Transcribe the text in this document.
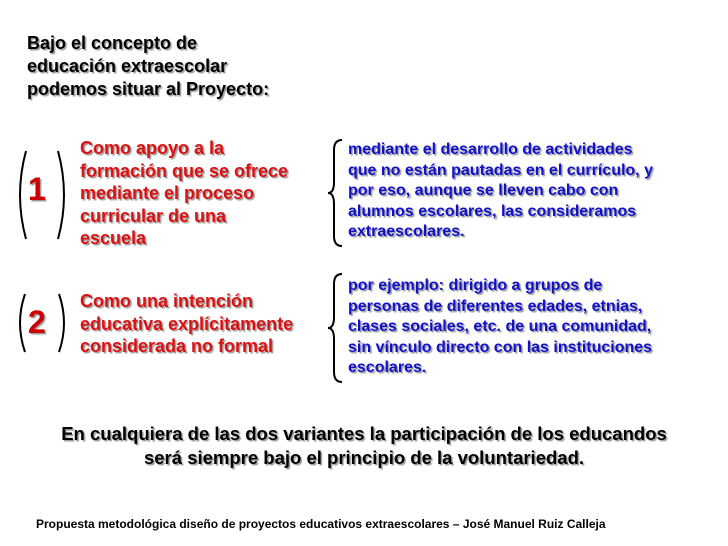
Bajo el concepto de
educación extraescolar
podemos situar al Proyecto:
1
Como apoyo a la
formación que se ofrece
mediante el proceso
curricular de una
escuela
mediante el desarrollo de actividades
que no están pautadas en el currículo, y
por eso, aunque se lleven cabo con
alumnos escolares, las consideramos
extraescolares.
2
Como una intención
educativa explícitamente
considerada no formal
por ejemplo: dirigido a grupos de
personas de diferentes edades, etnias,
clases sociales, etc. de una comunidad,
sin vínculo directo con las instituciones
escolares.
En cualquiera de las dos variantes la participación de los educandos
será siempre bajo el principio de la voluntariedad.
Propuesta metodológica diseño de proyectos educativos extraescolares – José Manuel Ruiz Calleja
